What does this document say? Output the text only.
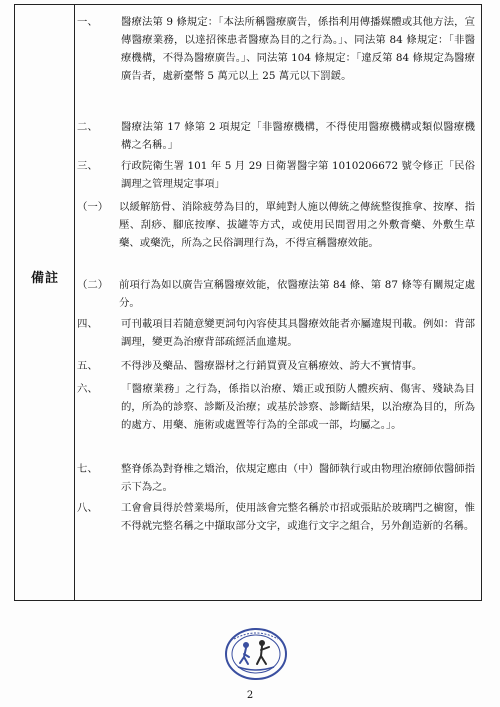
備註
一、	醫療法第 9 條規定：「本法所稱醫療廣告，係指利用傳播媒體或其他方法，宣傳醫療業務，以達招徠患者醫療為目的之行為。」、同法第 84 條規定：「非醫療機構，不得為醫療廣告。」、同法第 104 條規定：「違反第 84 條規定為醫療廣告者，處新臺幣 5 萬元以上 25 萬元以下罰鍰。
二、	醫療法第 17 條第 2 項規定「非醫療機構，不得使用醫療機構或類似醫療機構之名稱。」
三、	行政院衛生署 101 年 5 月 29 日衛署醫字第 1010206672 號令修正「民俗調理之管理規定事項」
（一）	以緩解筋骨、消除疲勞為目的，單純對人施以傳統之傳統整復推拿、按摩、指壓、刮痧、腳底按摩、拔罐等方式，或使用民間習用之外敷膏藥、外敷生草藥、或藥洗，所為之民俗調理行為，不得宣稱醫療效能。
（二）	前項行為如以廣告宣稱醫療效能，依醫療法第 84 條、第 87 條等有關規定處分。
四、	可刊載項目若隨意變更詞句內容使其具醫療效能者亦屬違規刊載。例如：背部調理，變更為治療背部疏經活血違規。
五、	不得涉及藥品、醫療器材之行銷買賣及宣稱療效、誇大不實情事。
六、	「醫療業務」之行為，係指以治療、矯正或預防人體疾病、傷害、殘缺為目的，所為的診察、診斷及治療；或基於診察、診斷結果，以治療為目的，所為的處方、用藥、施術或處置等行為的全部或一部，均屬之。」。
七、	整脊係為對脊椎之矯治，依規定應由（中）醫師執行或由物理治療師依醫師指示下為之。
八、	工會會員得於營業場所，使用該會完整名稱於市招或張貼於玻璃門之櫥窗，惟不得就完整名稱之中擷取部分文字，或進行文字之組合，另外創造新的名稱。
2
